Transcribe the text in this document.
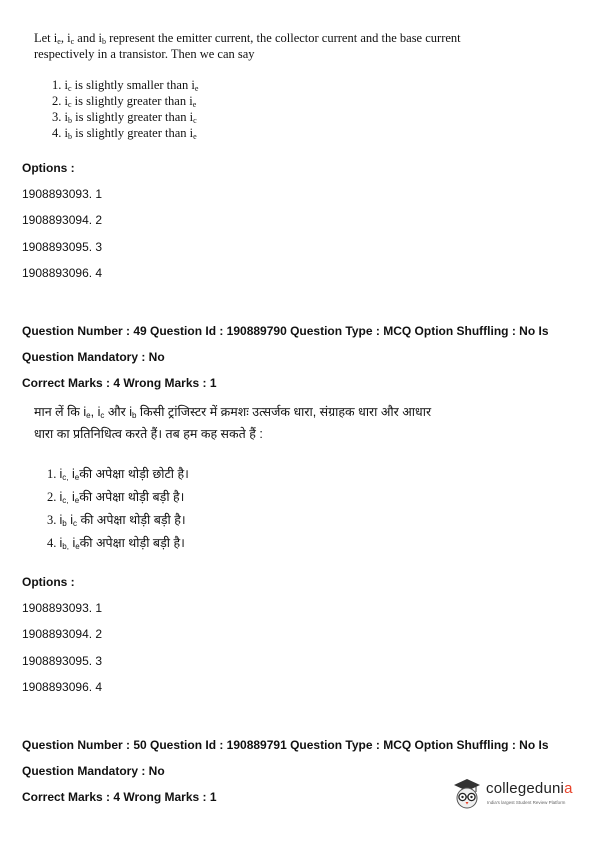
Let $i_e$, $i_c$ and $i_b$ represent the emitter current, the collector current and the base current
respectively in a transistor. Then we can say
1. $i_c$ is slightly smaller than $i_e$
2. $i_c$ is slightly greater than $i_e$
3. $i_b$ is slightly greater than $i_c$
4. $i_b$ is slightly greater than $i_e$
Options :
1908893093. 1
1908893094. 2
1908893095. 3
1908893096. 4
Question Number : 49 Question Id : 190889790 Question Type : MCQ Option Shuffling : No Is
Question Mandatory : No
Correct Marks : 4 Wrong Marks : 1
मान लें कि $i_e$, $i_c$ और $i_b$ किसी ट्रांजिस्टर में क्रमशः उत्सर्जक धारा, संग्राहक धारा और आधार
धारा का प्रतिनिधित्व करते हैं। तब हम कह सकते हैं :
1. $i_{c,}$ $i_eकी$ अपेक्षा थोड़ी छोटी है।
2. $i_{c,}$ $i_eकी$ अपेक्षा थोड़ी बड़ी है।
3. $i_b$ $i_c$ की अपेक्षा थोड़ी बड़ी है।
4. $i_{b,}$ $i_eकी$ अपेक्षा थोड़ी बड़ी है।
Options :
1908893093. 1
1908893094. 2
1908893095. 3
1908893096. 4
Question Number : 50 Question Id : 190889791 Question Type : MCQ Option Shuffling : No Is
Question Mandatory : No
Correct Marks : 4 Wrong Marks : 1	collegedunia
India's largest Student Review Platform
